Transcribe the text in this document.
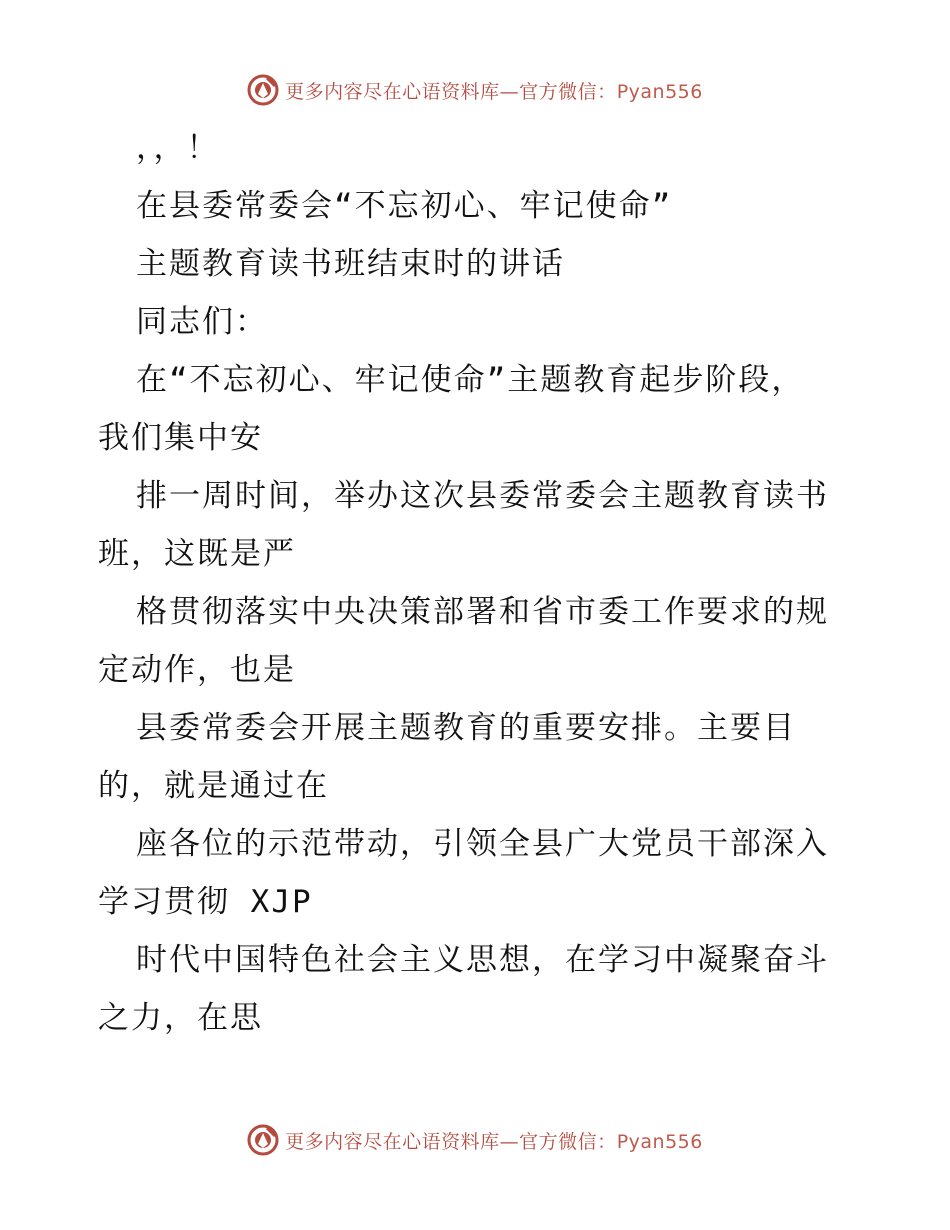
更多内容尽在心语资料库—官方微信：Pyan556
，，！
在县委常委会“不忘初心、牢记使命”
主题教育读书班结束时的讲话
同志们：
在“不忘初心、牢记使命”主题教育起步阶段，
我们集中安
排一周时间，举办这次县委常委会主题教育读书
班，这既是严
格贯彻落实中央决策部署和省市委工作要求的规
定动作，也是
县委常委会开展主题教育的重要安排。主要目
的，就是通过在
座各位的示范带动，引领全县广大党员干部深入
学习贯彻 XJP
时代中国特色社会主义思想，在学习中凝聚奋斗
之力，在思
更多内容尽在心语资料库—官方微信：Pyan556
